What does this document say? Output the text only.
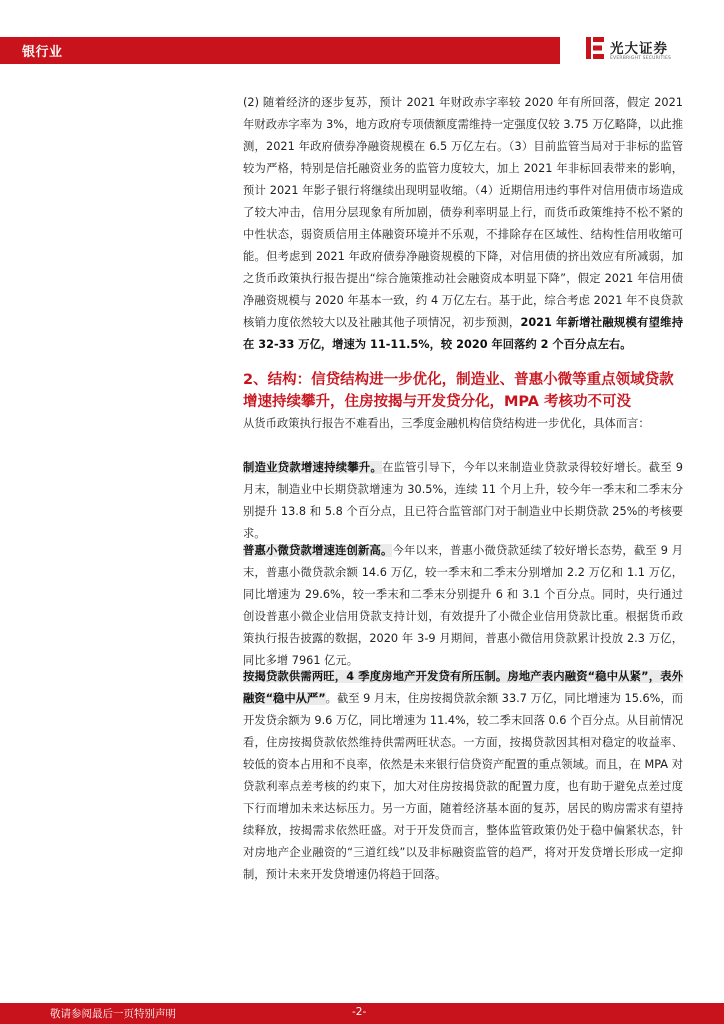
银行业	光大证券
EVERBRIGHT SECURITIES

(2) 随着经济的逐步复苏，预计 2021 年财政赤字率较 2020 年有所回落，假定 2021 年财政赤字率为 3%，地方政府专项债额度需维持一定强度仅较 3.75 万亿略降，以此推测，2021 年政府债券净融资规模在 6.5 万亿左右。（3）目前监管当局对于非标的监管较为严格，特别是信托融资业务的监管力度较大，加上 2021 年非标回表带来的影响，预计 2021 年影子银行将继续出现明显收缩。（4）近期信用违约事件对信用债市场造成了较大冲击，信用分层现象有所加剧，债券利率明显上行，而货币政策维持不松不紧的中性状态，弱资质信用主体融资环境并不乐观，不排除存在区域性、结构性信用收缩可能。但考虑到 2021 年政府债券净融资规模的下降，对信用债的挤出效应有所减弱，加之货币政策执行报告提出“综合施策推动社会融资成本明显下降”，假定 2021 年信用债净融资规模与 2020 年基本一致，约 4 万亿左右。基于此，综合考虑 2021 年不良贷款核销力度依然较大以及社融其他子项情况，初步预测，2021 年新增社融规模有望维持在 32-33 万亿，增速为 11-11.5%，较 2020 年回落约 2 个百分点左右。

2、结构：信贷结构进一步优化，制造业、普惠小微等重点领域贷款增速持续攀升，住房按揭与开发贷分化，MPA 考核功不可没

从货币政策执行报告不难看出，三季度金融机构信贷结构进一步优化，具体而言：

制造业贷款增速持续攀升。在监管引导下，今年以来制造业贷款录得较好增长。截至 9 月末，制造业中长期贷款增速为 30.5%，连续 11 个月上升，较今年一季末和二季末分别提升 13.8 和 5.8 个百分点，且已符合监管部门对于制造业中长期贷款 25%的考核要求。

普惠小微贷款增速连创新高。今年以来，普惠小微贷款延续了较好增长态势，截至 9 月末，普惠小微贷款余额 14.6 万亿，较一季末和二季末分别增加 2.2 万亿和 1.1 万亿，同比增速为 29.6%，较一季末和二季末分别提升 6 和 3.1 个百分点。同时，央行通过创设普惠小微企业信用贷款支持计划，有效提升了小微企业信用贷款比重。根据货币政策执行报告披露的数据，2020 年 3-9 月期间，普惠小微信用贷款累计投放 2.3 万亿，同比多增 7961 亿元。

按揭贷款供需两旺，4 季度房地产开发贷有所压制。房地产表内融资“稳中从紧”，表外融资“稳中从严”。截至 9 月末，住房按揭贷款余额 33.7 万亿，同比增速为 15.6%，而开发贷余额为 9.6 万亿，同比增速为 11.4%，较二季末回落 0.6 个百分点。从目前情况看，住房按揭贷款依然维持供需两旺状态。一方面，按揭贷款因其相对稳定的收益率、较低的资本占用和不良率，依然是未来银行信贷资产配置的重点领域。而且，在 MPA 对贷款利率点差考核的约束下，加大对住房按揭贷款的配置力度，也有助于避免点差过度下行而增加未来达标压力。另一方面，随着经济基本面的复苏，居民的购房需求有望持续释放，按揭需求依然旺盛。对于开发贷而言，整体监管政策仍处于稳中偏紧状态，针对房地产企业融资的“三道红线”以及非标融资监管的趋严，将对开发贷增长形成一定抑制，预计未来开发贷增速仍将趋于回落。

敬请参阅最后一页特别声明	-2-
